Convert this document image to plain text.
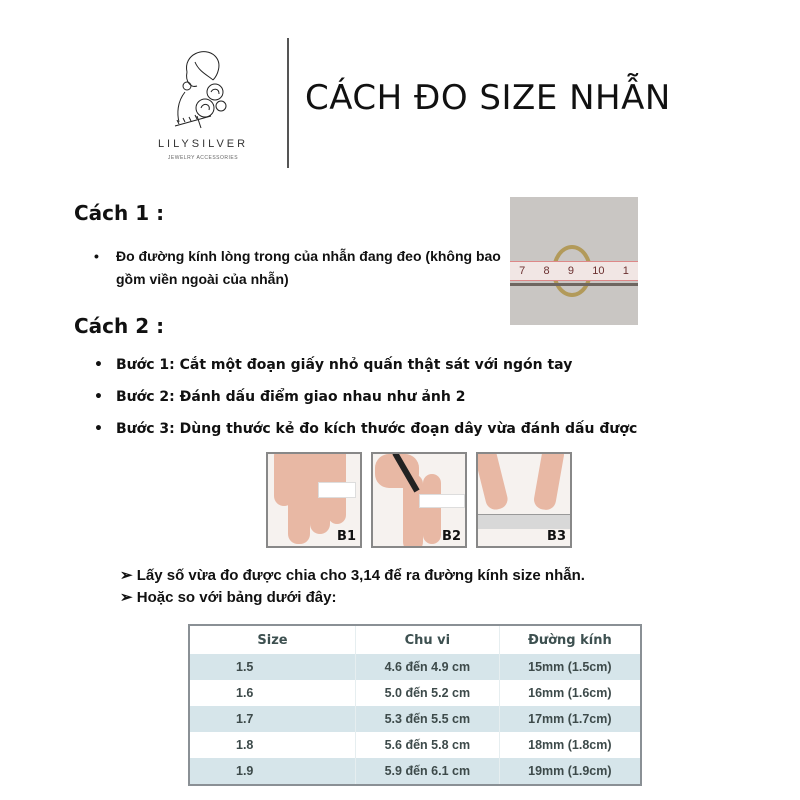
LILYSILVER
JEWELRY ACCESSORIES
CÁCH ĐO SIZE NHẪN
Cách 1 :
• Đo đường kính lòng trong của nhẫn đang đeo (không bao gồm viền ngoài của nhẫn)	7 8 9 10 1
Cách 2 :
• Bước 1: Cắt một đoạn giấy nhỏ quấn thật sát với ngón tay
• Bước 2: Đánh dấu điểm giao nhau như ảnh 2
• Bước 3: Dùng thước kẻ đo kích thước đoạn dây vừa đánh dấu được
B1	B2	B3
➢ Lấy số vừa đo được chia cho 3,14 để ra đường kính size nhẫn.
➢ Hoặc so với bảng dưới đây:
Size	Chu vi	Đường kính
1.5	4.6 đến 4.9 cm	15mm (1.5cm)
1.6	5.0 đến 5.2 cm	16mm (1.6cm)
1.7	5.3 đến 5.5 cm	17mm (1.7cm)
1.8	5.6 đến 5.8 cm	18mm (1.8cm)
1.9	5.9 đến 6.1 cm	19mm (1.9cm)
